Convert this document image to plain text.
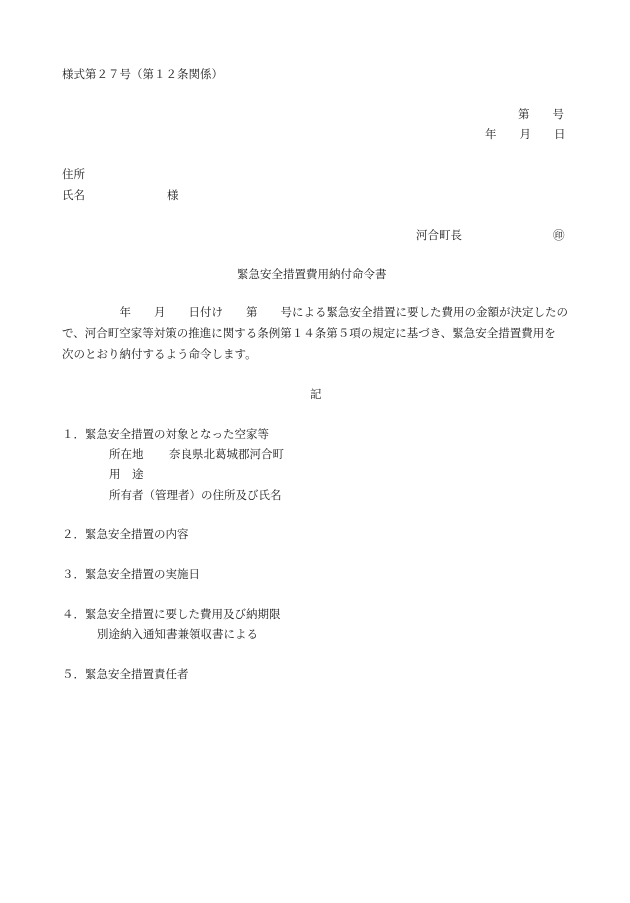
様式第２７号（第１２条関係）
第　　号
年　　月　　日
住所
氏名	様
河合町長	㊞
緊急安全措置費用納付命令書
　　　　　年　　月　　日付け　　第　　号による緊急安全措置に要した費用の金額が決定したの
で、河合町空家等対策の推進に関する条例第１４条第５項の規定に基づき、緊急安全措置費用を
次のとおり納付するよう命令します。
記
１．緊急安全措置の対象となった空家等
所在地 奈良県北葛城郡河合町
用　途
所有者（管理者）の住所及び氏名
２．緊急安全措置の内容
３．緊急安全措置の実施日
４．緊急安全措置に要した費用及び納期限
別途納入通知書兼領収書による
５．緊急安全措置責任者
